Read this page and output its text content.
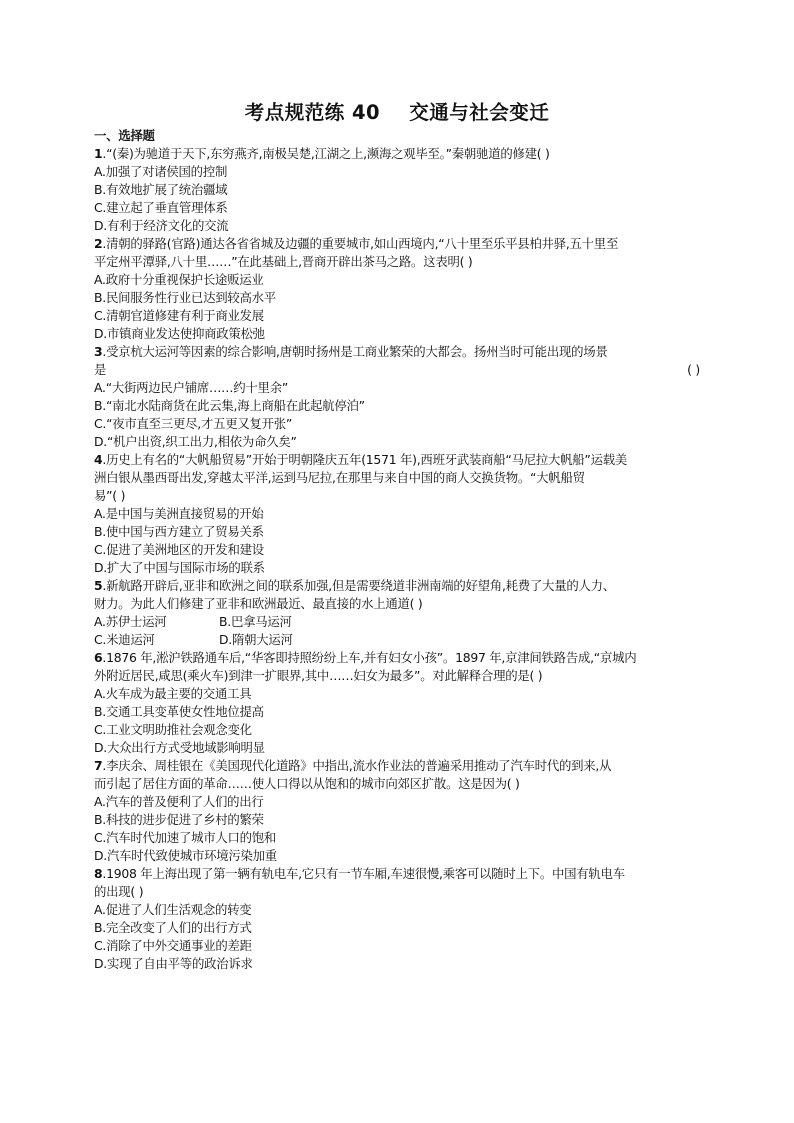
考点规范练 40    交通与社会变迁
一、选择题
1.“(秦)为驰道于天下,东穷燕齐,南极吴楚,江湖之上,濒海之观毕至。”秦朝驰道的修建( )
A.加强了对诸侯国的控制
B.有效地扩展了统治疆域
C.建立起了垂直管理体系
D.有利于经济文化的交流
2.清朝的驿路(官路)通达各省省城及边疆的重要城市,如山西境内,“八十里至乐平县柏井驿,五十里至
平定州平潭驿,八十里……”在此基础上,晋商开辟出茶马之路。这表明( )
A.政府十分重视保护长途贩运业
B.民间服务性行业已达到较高水平
C.清朝官道修建有利于商业发展
D.市镇商业发达使抑商政策松弛
3.受京杭大运河等因素的综合影响,唐朝时扬州是工商业繁荣的大都会。扬州当时可能出现的场景
是	( )
A.“大街两边民户铺席……约十里余”
B.“南北水陆商货在此云集,海上商船在此起航停泊”
C.“夜市直至三更尽,才五更又复开张”
D.“机户出资,织工出力,相依为命久矣”
4.历史上有名的“大帆船贸易”开始于明朝隆庆五年(1571 年),西班牙武装商船“马尼拉大帆船”运载美
洲白银从墨西哥出发,穿越太平洋,运到马尼拉,在那里与来自中国的商人交换货物。“大帆船贸
易”( )
A.是中国与美洲直接贸易的开始
B.使中国与西方建立了贸易关系
C.促进了美洲地区的开发和建设
D.扩大了中国与国际市场的联系
5.新航路开辟后,亚非和欧洲之间的联系加强,但是需要绕道非洲南端的好望角,耗费了大量的人力、
财力。为此人们修建了亚非和欧洲最近、最直接的水上通道( )
A.苏伊士运河	B.巴拿马运河
C.米迪运河	D.隋朝大运河
6.1876 年,淞沪铁路通车后,“华客即持照纷纷上车,并有妇女小孩”。1897 年,京津间铁路告成,“京城内
外附近居民,咸思(乘火车)到津一扩眼界,其中……妇女为最多”。对此解释合理的是( )
A.火车成为最主要的交通工具
B.交通工具变革使女性地位提高
C.工业文明助推社会观念变化
D.大众出行方式受地域影响明显
7.李庆余、周桂银在《美国现代化道路》中指出,流水作业法的普遍采用推动了汽车时代的到来,从
而引起了居住方面的革命……使人口得以从饱和的城市向郊区扩散。这是因为( )
A.汽车的普及便利了人们的出行
B.科技的进步促进了乡村的繁荣
C.汽车时代加速了城市人口的饱和
D.汽车时代致使城市环境污染加重
8.1908 年上海出现了第一辆有轨电车,它只有一节车厢,车速很慢,乘客可以随时上下。中国有轨电车
的出现( )
A.促进了人们生活观念的转变
B.完全改变了人们的出行方式
C.消除了中外交通事业的差距
D.实现了自由平等的政治诉求
